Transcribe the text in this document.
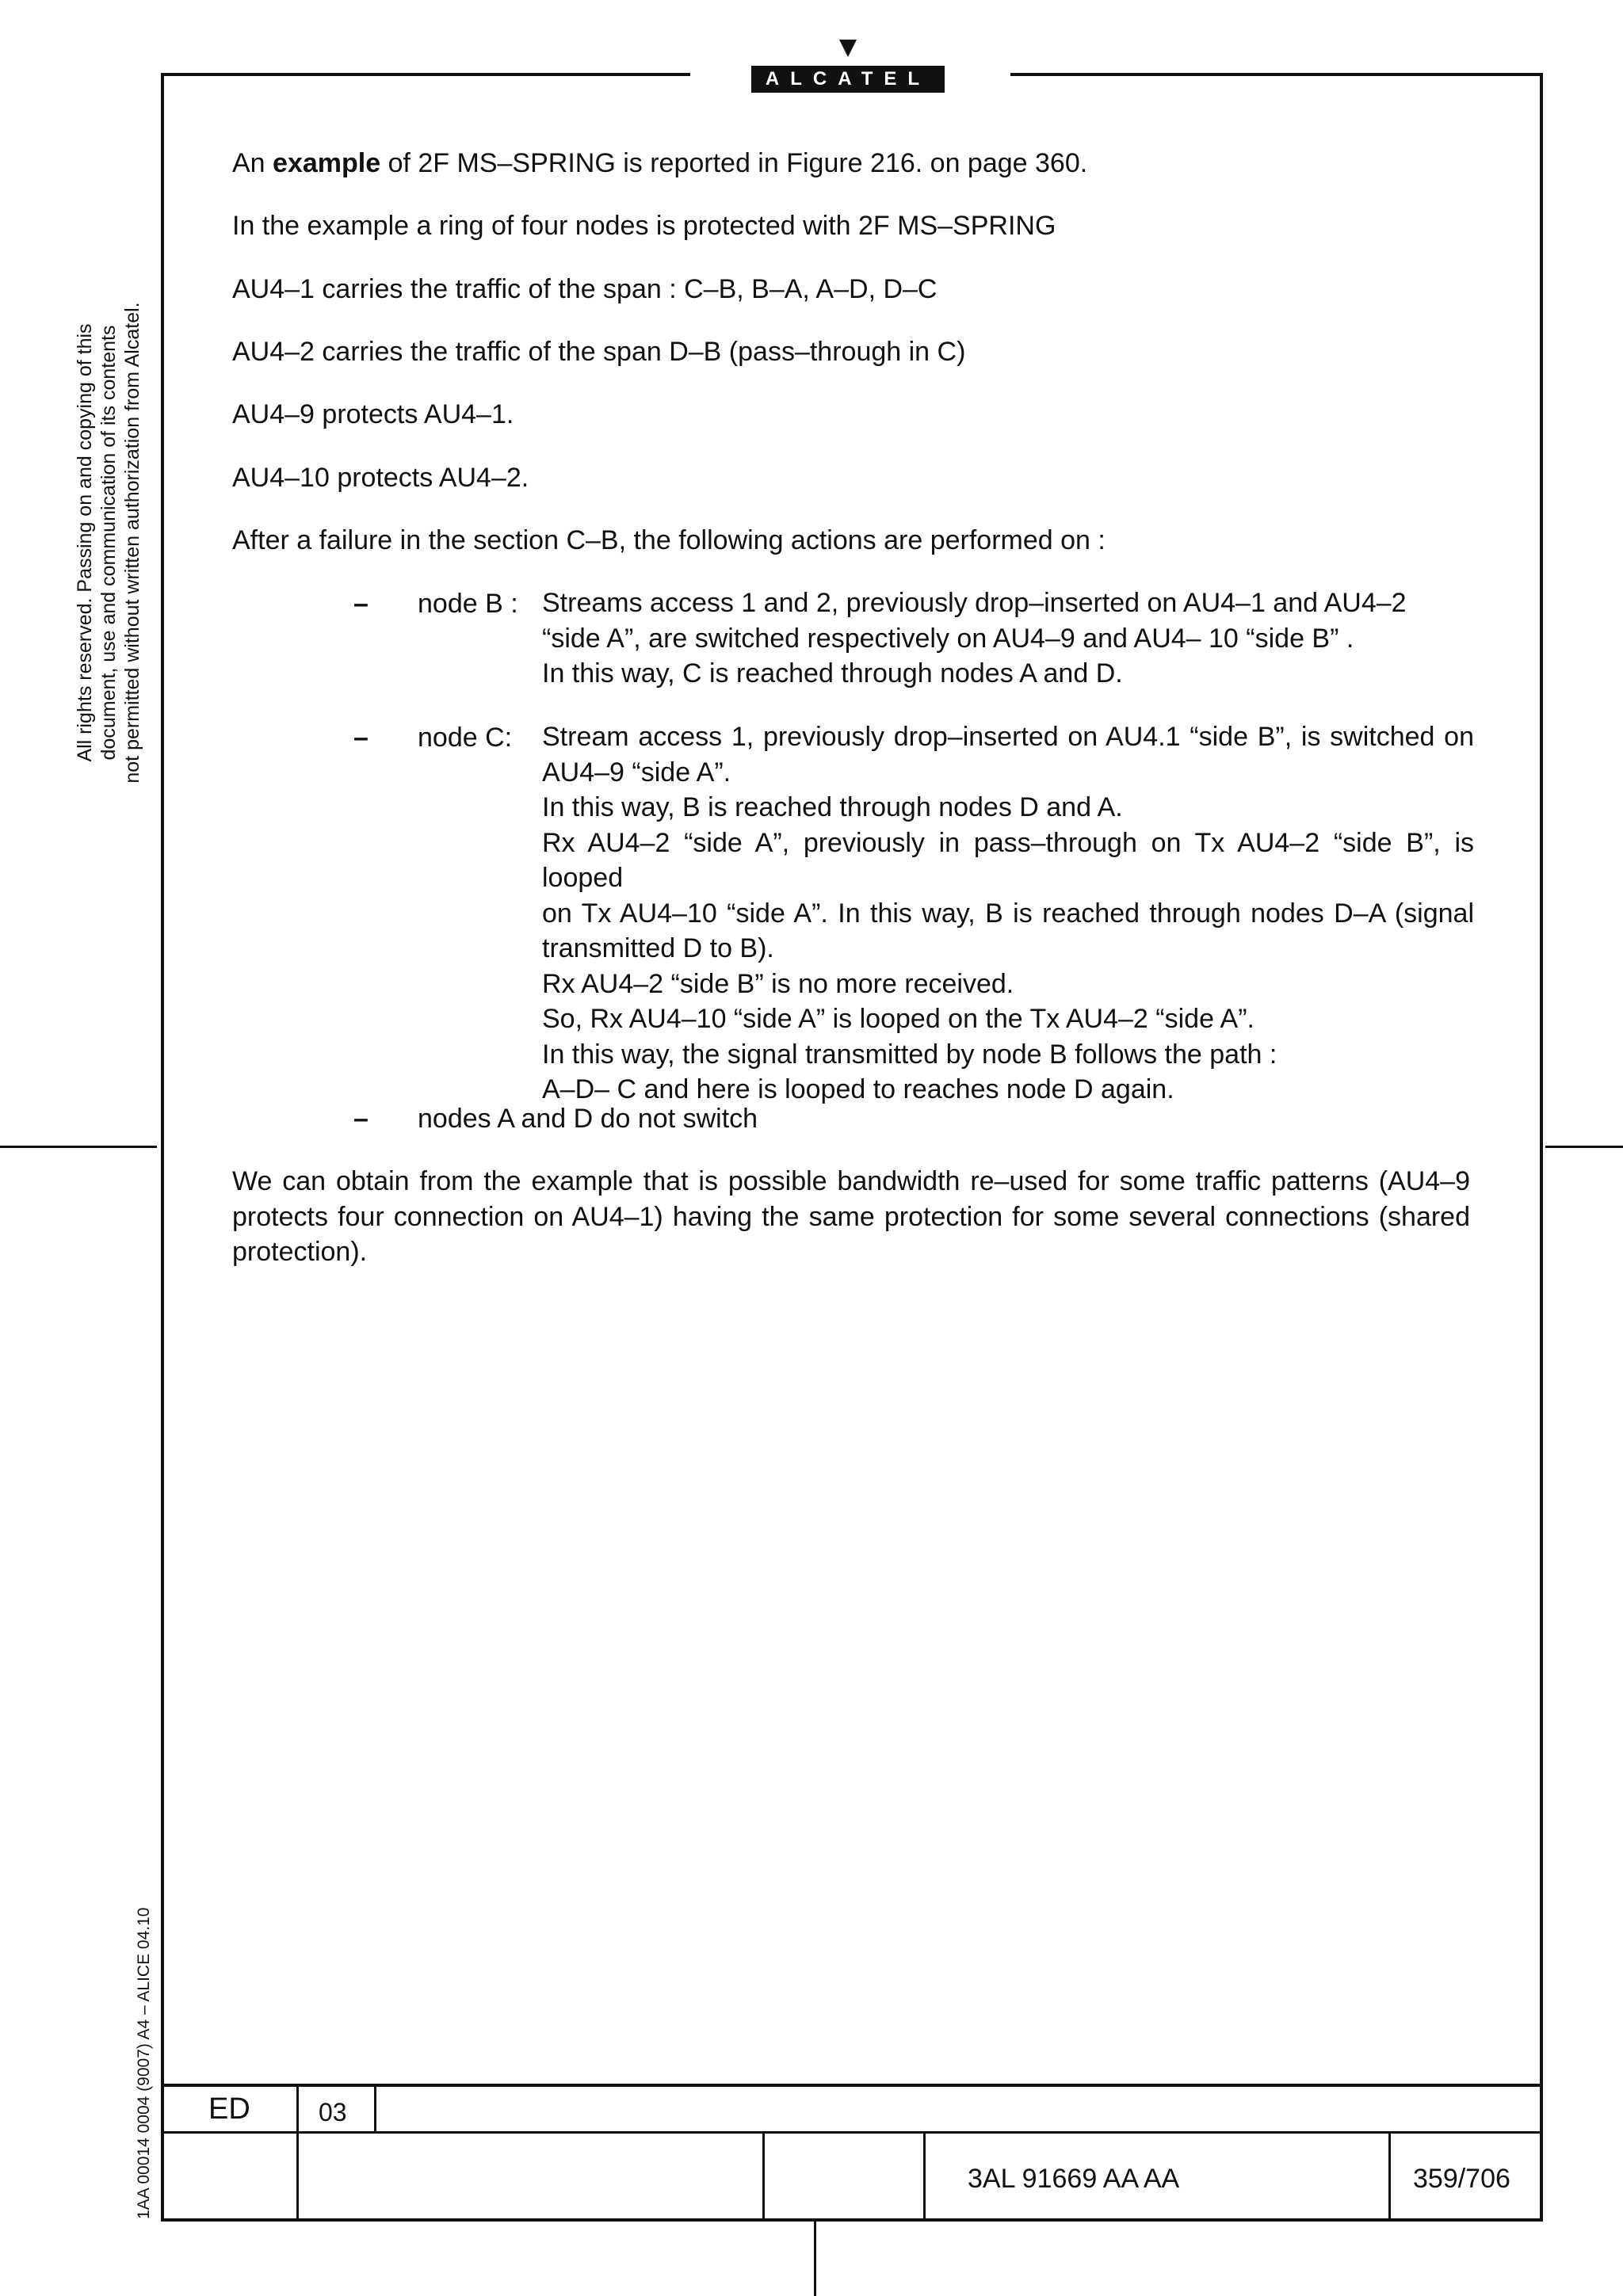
ALCATEL
All rights reserved. Passing on and copying of this document, use and communication of its contents not permitted without written authorization from Alcatel.
1AA 00014 0004 (9007) A4 – ALICE 04.10

An example of 2F MS–SPRING is reported in Figure 216. on page 360.

In the example a ring of four nodes is protected with 2F MS–SPRING

AU4–1 carries the traffic of the span : C–B, B–A, A–D, D–C

AU4–2 carries the traffic of the span D–B (pass–through in C)

AU4–9 protects AU4–1.

AU4–10 protects AU4–2.

After a failure in the section C–B, the following actions are performed on :

– node B : Streams access 1 and 2, previously drop–inserted on AU4–1 and AU4–2
“side A”, are switched respectively on AU4–9 and AU4– 10 “side B” .
In this way, C is reached through nodes A and D.
– node C: Stream access 1, previously drop–inserted on AU4.1 “side B”, is switched on
AU4–9 “side A”.
In this way, B is reached through nodes D and A.
Rx AU4–2 “side A”, previously in pass–through on Tx AU4–2 “side B”, is looped
on Tx AU4–10 “side A”. In this way, B is reached through nodes D–A (signal
transmitted D to B).
Rx AU4–2 “side B” is no more received.
So, Rx AU4–10 “side A” is looped on the Tx AU4–2 “side A”.
In this way, the signal transmitted by node B follows the path :
A–D– C and here is looped to reaches node D again.
– nodes A and D do not switch
We can obtain from the example that is possible bandwidth re–used for some traffic patterns (AU4–9
protects four connection on AU4–1) having the same protection for some several connections (shared
protection).
ED	03
3AL 91669 AA AA	359/706
